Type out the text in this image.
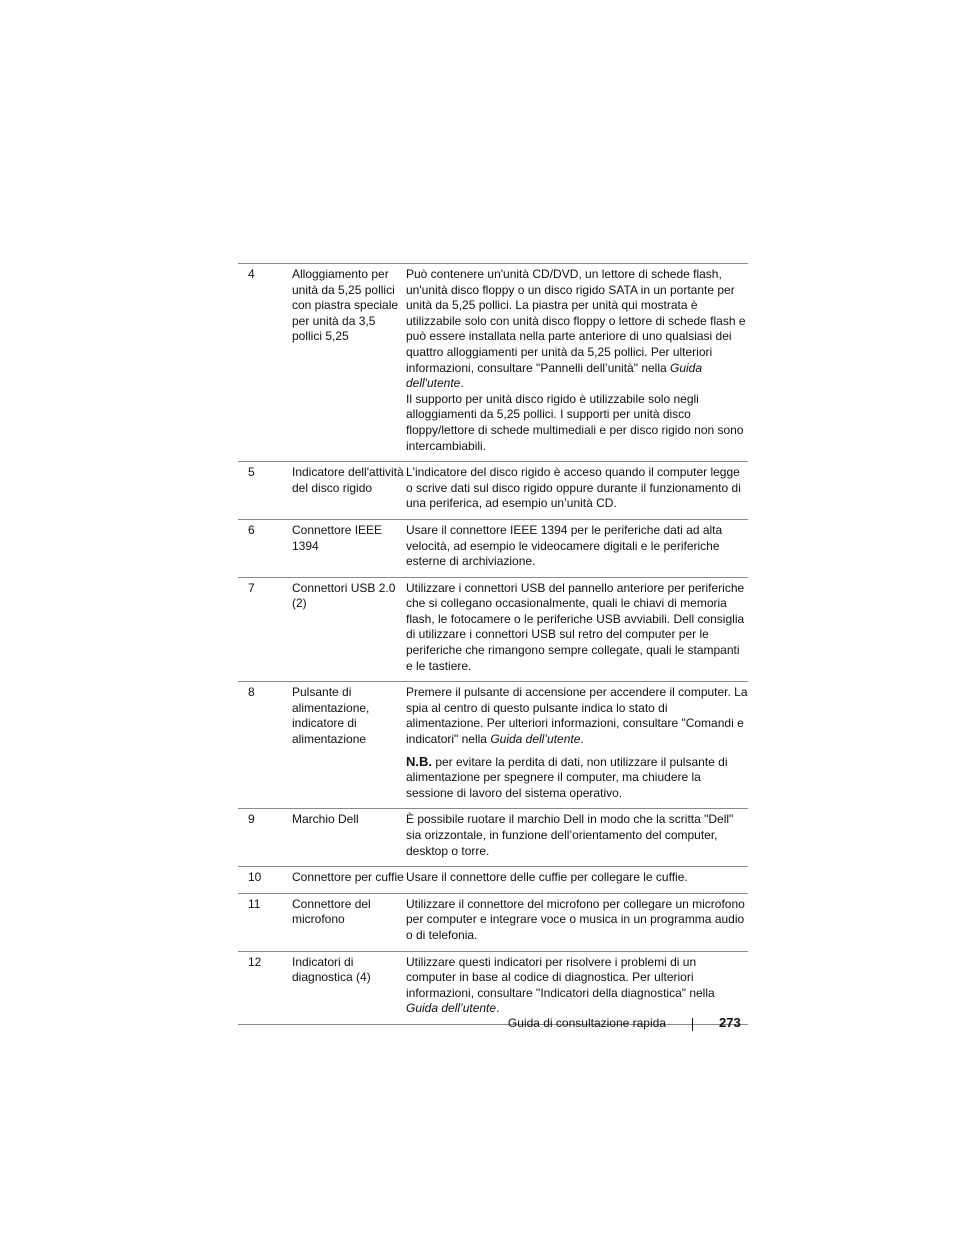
4	Alloggiamento per unità da 5,25 pollici con piastra speciale per unità da 3,5 pollici 5,25	Può contenere un'unità CD/DVD, un lettore di schede flash, un'unità disco floppy o un disco rigido SATA in un portante per unità da 5,25 pollici. La piastra per unità qui mostrata è utilizzabile solo con unità disco floppy o lettore di schede flash e può essere installata nella parte anteriore di uno qualsiasi dei quattro alloggiamenti per unità da 5,25 pollici. Per ulteriori informazioni, consultare "Pannelli dell’unità" nella Guida dell'utente.

Il supporto per unità disco rigido è utilizzabile solo negli alloggiamenti da 5,25 pollici. I supporti per unità disco floppy/lettore di schede multimediali e per disco rigido non sono intercambiabili.

5	Indicatore dell'attività del disco rigido	L'indicatore del disco rigido è acceso quando il computer legge o scrive dati sul disco rigido oppure durante il funzionamento di una periferica, ad esempio un’unità CD.
6	Connettore IEEE 1394	Usare il connettore IEEE 1394 per le periferiche dati ad alta velocità, ad esempio le videocamere digitali e le periferiche esterne di archiviazione.
7	Connettori USB 2.0 (2)	Utilizzare i connettori USB del pannello anteriore per periferiche che si collegano occasionalmente, quali le chiavi di memoria flash, le fotocamere o le periferiche USB avviabili. Dell consiglia di utilizzare i connettori USB sul retro del computer per le periferiche che rimangono sempre collegate, quali le stampanti e le tastiere.
8	Pulsante di alimentazione, indicatore di alimentazione	Premere il pulsante di accensione per accendere il computer. La spia al centro di questo pulsante indica lo stato di alimentazione. Per ulteriori informazioni, consultare "Comandi e indicatori" nella Guida dell’utente.

N.B. per evitare la perdita di dati, non utilizzare il pulsante di alimentazione per spegnere il computer, ma chiudere la sessione di lavoro del sistema operativo.

9	Marchio Dell	È possibile ruotare il marchio Dell in modo che la scritta "Dell" sia orizzontale, in funzione dell’orientamento del computer, desktop o torre.
10	Connettore per cuffie	Usare il connettore delle cuffie per collegare le cuffie.
11	Connettore del microfono	Utilizzare il connettore del microfono per collegare un microfono per computer e integrare voce o musica in un programma audio o di telefonia.
12	Indicatori di diagnostica (4)	Utilizzare questi indicatori per risolvere i problemi di un computer in base al codice di diagnostica. Per ulteriori informazioni, consultare "Indicatori della diagnostica" nella Guida dell’utente.

Guida di consultazione rapida	273
